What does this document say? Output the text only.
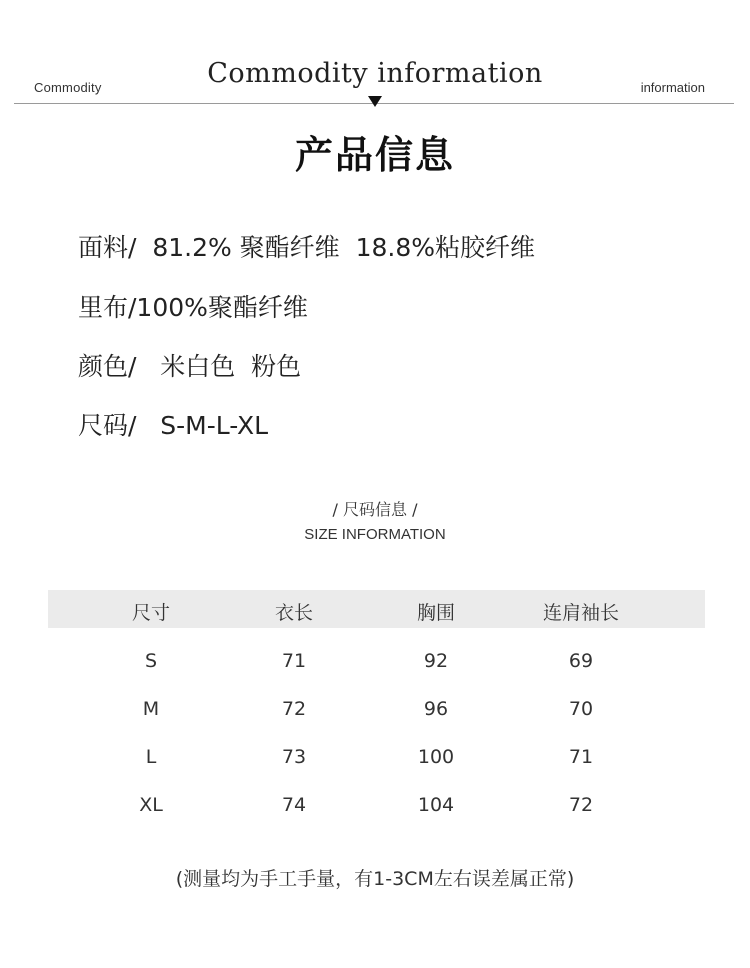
Commodity	Commodity information	information
产品信息
面料/  81.2% 聚酯纤维  18.8%粘胶纤维
里布/100%聚酯纤维
颜色/   米白色  粉色
尺码/   S-M-L-XL
/ 尺码信息 /
SIZE INFORMATION
尺寸	衣长	胸围	连肩袖长
S	71	92	69
M	72	96	70
L	73	100	71
XL	74	104	72
(测量均为手工手量，有1-3CM左右误差属正常)
